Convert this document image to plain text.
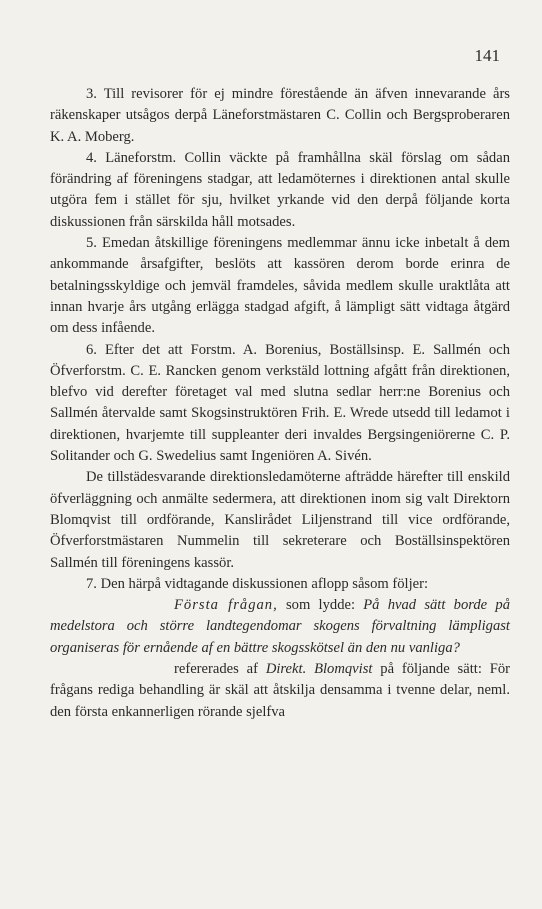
141

3. Till revisorer för ej mindre förestående än äfven innevarande års räkenskaper utsågos derpå Läneforstmästaren C. Collin och Bergsproberaren K. A. Moberg.

4. Läneforstm. Collin väckte på framhållna skäl förslag om sådan förändring af föreningens stadgar, att ledamöternes i direktionen antal skulle utgöra fem i stället för sju, hvilket yrkande vid den derpå följande korta diskussionen från särskilda håll motsades.

5. Emedan åtskillige föreningens medlemmar ännu icke inbetalt å dem ankommande årsafgifter, beslöts att kassören derom borde erinra de betalningsskyldige och jemväl framdeles, såvida medlem skulle uraktlåta att innan hvarje års utgång erlägga stadgad afgift, å lämpligt sätt vidtaga åtgärd om dess infående.

6. Efter det att Forstm. A. Borenius, Boställsinsp. E. Sallmén och Öfverforstm. C. E. Rancken genom verkstäld lottning afgått från direktionen, blefvo vid derefter företaget val med slutna sedlar herr:ne Borenius och Sallmén återvalde samt Skogsinstruktören Frih. E. Wrede utsedd till ledamot i direktionen, hvarjemte till suppleanter deri invaldes Bergsingeniörerne C. P. Solitander och G. Swedelius samt Ingeniören A. Sivén.

De tillstädesvarande direktionsledamöterne afträdde härefter till enskild öfverläggning och anmälte sedermera, att direktionen inom sig valt Direktorn Blomqvist till ordförande, Kanslirådet Liljenstrand till vice ordförande, Öfverforstmästaren Nummelin till sekreterare och Boställsinspektören Sallmén till föreningens kassör.

7. Den härpå vidtagande diskussionen aflopp såsom följer:

Första frågan, som lydde: På hvad sätt borde på medelstora och större landtegendomar skogens förvaltning lämpligast organiseras för ernående af en bättre skogsskötsel än den nu vanliga?

refererades af Direkt. Blomqvist på följande sätt: För frågans rediga behandling är skäl att åtskilja densamma i tvenne delar, neml. den första enkannerligen rörande sjelfva
